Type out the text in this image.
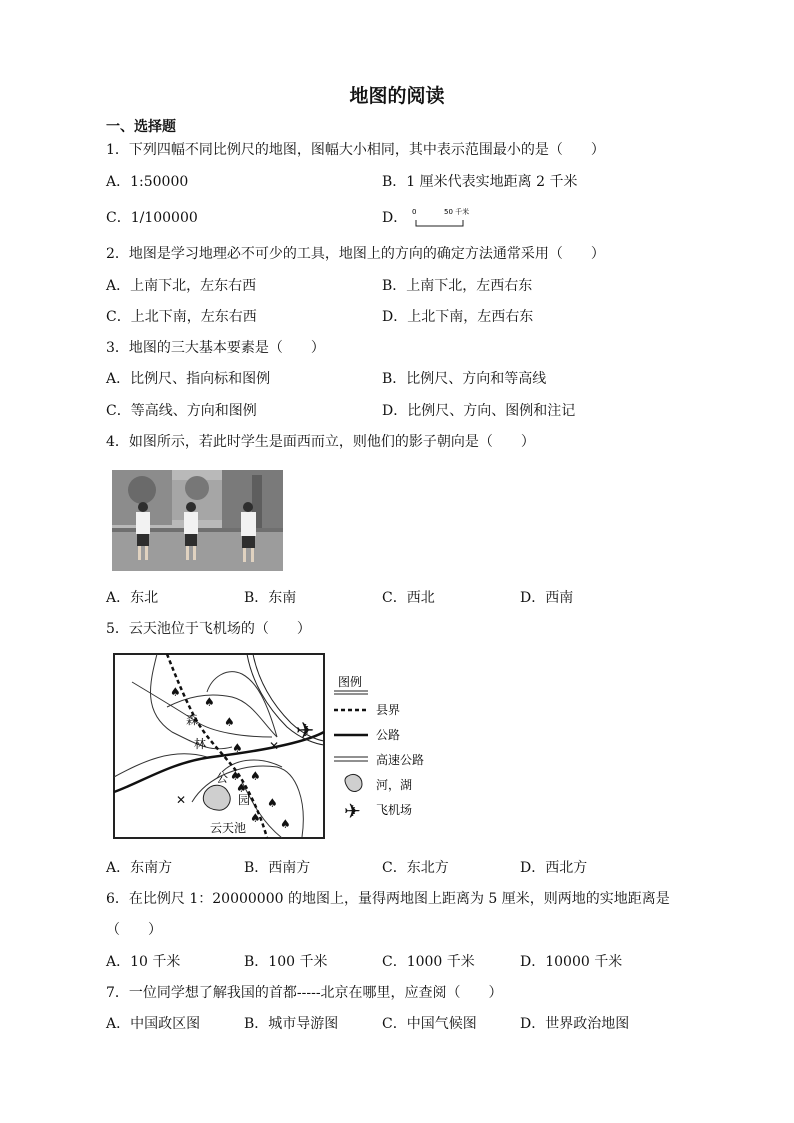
地图的阅读
一、选择题
1．下列四幅不同比例尺的地图，图幅大小相同，其中表示范围最小的是（　　）
A．1:50000	B．1 厘米代表实地距离 2 千米
C．1/100000	D． 0	50 千米
2．地图是学习地理必不可少的工具，地图上的方向的确定方法通常采用（　　）
A．上南下北，左东右西	B．上南下北，左西右东
C．上北下南，左东右西	D．上北下南，左西右东
3．地图的三大基本要素是（　　）
A．比例尺、指向标和图例	B．比例尺、方向和等高线
C．等高线、方向和图例	D．比例尺、方向、图例和注记
4．如图所示，若此时学生是面西而立，则他们的影子朝向是（　　）
A．东北	B．东南	C．西北	D．西南
5．云天池位于飞机场的（　　）
✕
✕
♠
♠
♠
♠
♠ ♠
♠
♠
♠
♠
✈
森
林
公
园
云天池
图例
县界
公路
高速公路
河，湖
✈ 飞机场
A．东南方	B．西南方	C．东北方	D．西北方
6．在比例尺 1：20000000 的地图上，量得两地图上距离为 5 厘米，则两地的实地距离是
（　　）
A．10 千米	B．100 千米	C．1000 千米	D．10000 千米
7．一位同学想了解我国的首都-----北京在哪里，应查阅（　　）
A．中国政区图	B．城市导游图	C．中国气候图	D．世界政治地图
